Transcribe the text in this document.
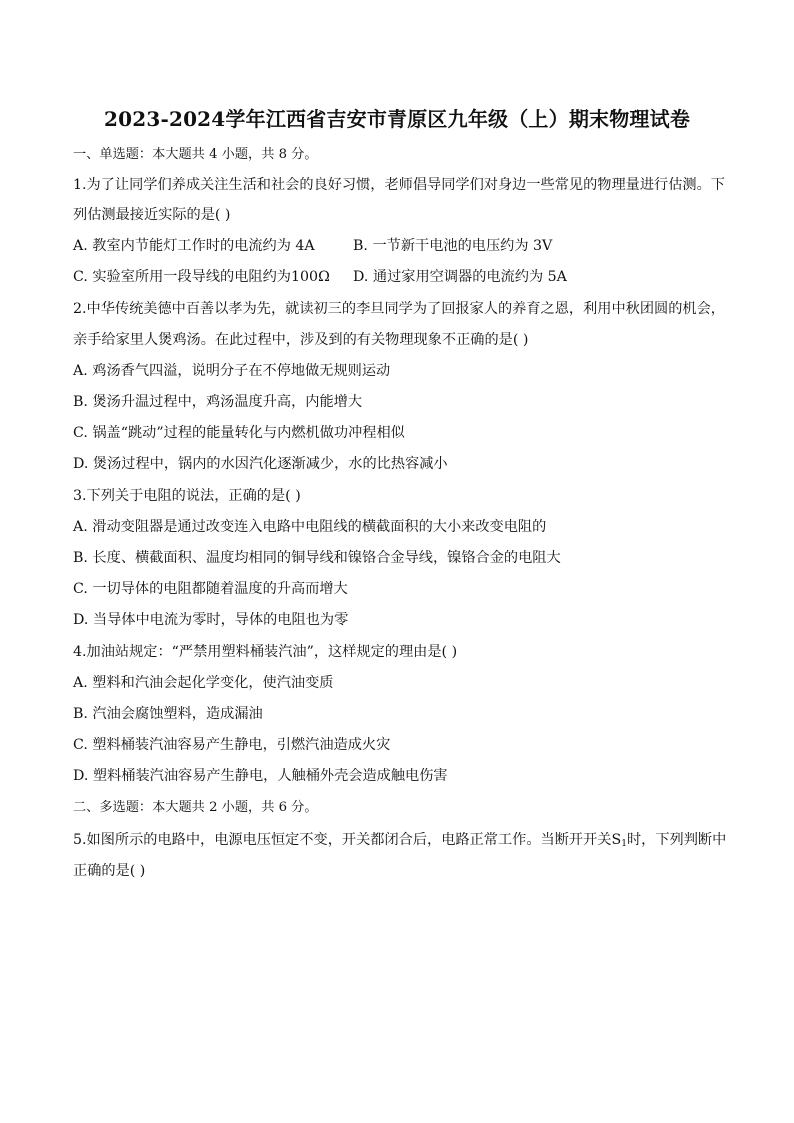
2023-2024学年江西省吉安市青原区九年级（上）期末物理试卷
一、单选题：本大题共 4 小题，共 8 分。
1.为了让同学们养成关注生活和社会的良好习惯，老师倡导同学们对身边一些常见的物理量进行估测。下
列估测最接近实际的是( )
A. 教室内节能灯工作时的电流约为 4A	B. 一节新干电池的电压约为 3V
C. 实验室所用一段导线的电阻约为100Ω D. 通过家用空调器的电流约为 5A
2.中华传统美德中百善以孝为先，就读初三的李旦同学为了回报家人的养育之恩，利用中秋团圆的机会，
亲手给家里人煲鸡汤。在此过程中，涉及到的有关物理现象不正确的是( )
A. 鸡汤香气四溢，说明分子在不停地做无规则运动
B. 煲汤升温过程中，鸡汤温度升高，内能增大
C. 锅盖“跳动”过程的能量转化与内燃机做功冲程相似
D. 煲汤过程中，锅内的水因汽化逐渐减少，水的比热容减小
3.下列关于电阻的说法，正确的是( )
A. 滑动变阻器是通过改变连入电路中电阻线的横截面积的大小来改变电阻的
B. 长度、横截面积、温度均相同的铜导线和镍铬合金导线，镍铬合金的电阻大
C. 一切导体的电阻都随着温度的升高而增大
D. 当导体中电流为零时，导体的电阻也为零
4.加油站规定：“严禁用塑料桶装汽油”，这样规定的理由是( )
A. 塑料和汽油会起化学变化，使汽油变质
B. 汽油会腐蚀塑料，造成漏油
C. 塑料桶装汽油容易产生静电，引燃汽油造成火灾
D. 塑料桶装汽油容易产生静电，人触桶外壳会造成触电伤害
二、多选题：本大题共 2 小题，共 6 分。
5.如图所示的电路中，电源电压恒定不变，开关都闭合后，电路正常工作。当断开开关$S_1$时，下列判断中
正确的是( )
